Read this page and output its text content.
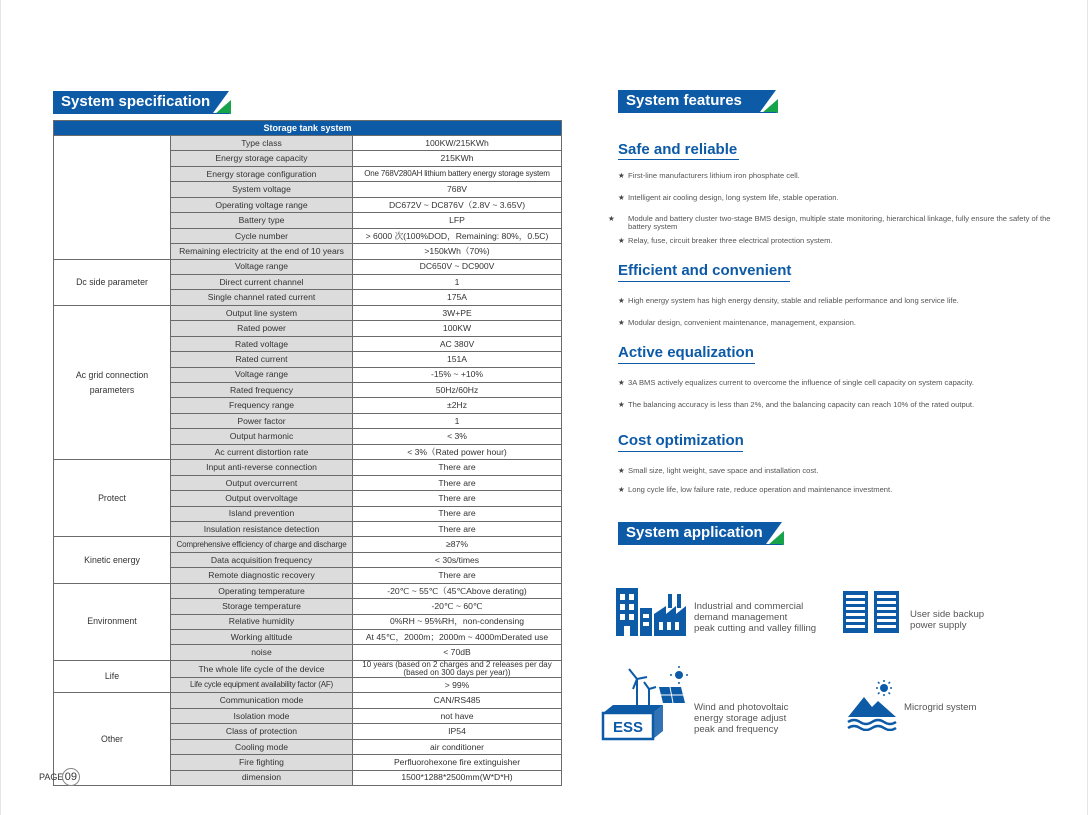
System specification
Storage tank system		
	Type class	100KW/215KWh
	Energy storage capacity	215KWh
	Energy storage configuration	One 768V280AH lithium battery energy storage system
	System voltage	768V
	Operating voltage range	DC672V ~ DC876V（2.8V ~ 3.65V)
	Battery type	LFP
	Cycle number	> 6000 次(100%DOD，Remaining: 80%，0.5C)
	Remaining electricity at the end of 10 years	>150kWh（70%)
Dc side parameter	Voltage range	DC650V ~ DC900V
	Direct current channel	1
	Single channel rated current	175A
Ac grid connection parameters	Output line system	3W+PE
	Rated power	100KW
	Rated voltage	AC 380V
	Rated current	151A
	Voltage range	-15% ~ +10%
	Rated frequency	50Hz/60Hz
	Frequency range	±2Hz
	Power factor	1
	Output harmonic	< 3%
	Ac current distortion rate	< 3%（Rated power hour)
Protect	Input anti-reverse connection	There are
	Output overcurrent	There are
	Output overvoltage	There are
	Island prevention	There are
	Insulation resistance detection	There are
Kinetic energy	Comprehensive efficiency of charge and discharge	≥87%
	Data acquisition frequency	< 30s/times
	Remote diagnostic recovery	There are
Environment	Operating temperature	-20℃ ~ 55℃（45℃Above derating)
	Storage temperature	-20℃ ~ 60℃
	Relative humidity	0%RH ~ 95%RH，non-condensing
	Working altitude	At 45℃，2000m；2000m ~ 4000mDerated use
	noise	< 70dB
Life	The whole life cycle of the device	10 years (based on 2 charges and 2 releases per day (based on 300 days per year))
	Life cycle equipment availability factor (AF)	> 99%
Other	Communication mode	CAN/RS485
	Isolation mode	not have
	Class of protection	IP54
	Cooling mode	air conditioner
	Fire fighting	Perfluorohexone fire extinguisher
	dimension	1500*1288*2500mm(W*D*H)
PAGE 09
System features
Safe and reliable
★ First-line manufacturers lithium iron phosphate cell.
★ Intelligent air cooling design, long system life, stable operation.
★ Module and battery cluster two-stage BMS design, multiple state monitoring, hierarchical linkage, fully ensure the safety of the battery system
★ Relay, fuse, circuit breaker three electrical protection system.
Efficient and convenient
★ High energy system has high energy density, stable and reliable performance and long service life.
★ Modular design, convenient maintenance, management, expansion.
Active equalization
★ 3A BMS actively equalizes current to overcome the influence of single cell capacity on system capacity.
★ The balancing accuracy is less than 2%, and the balancing capacity can reach 10% of the rated output.
Cost optimization
★ Small size, light weight, save space and installation cost.
★ Long cycle life, low failure rate, reduce operation and maintenance investment.
System application
Industrial and commercial
demand management
peak cutting and valley filling
User side backup
power supply
ESS
Wind and photovoltaic
energy storage adjust
peak and frequency
Microgrid system
